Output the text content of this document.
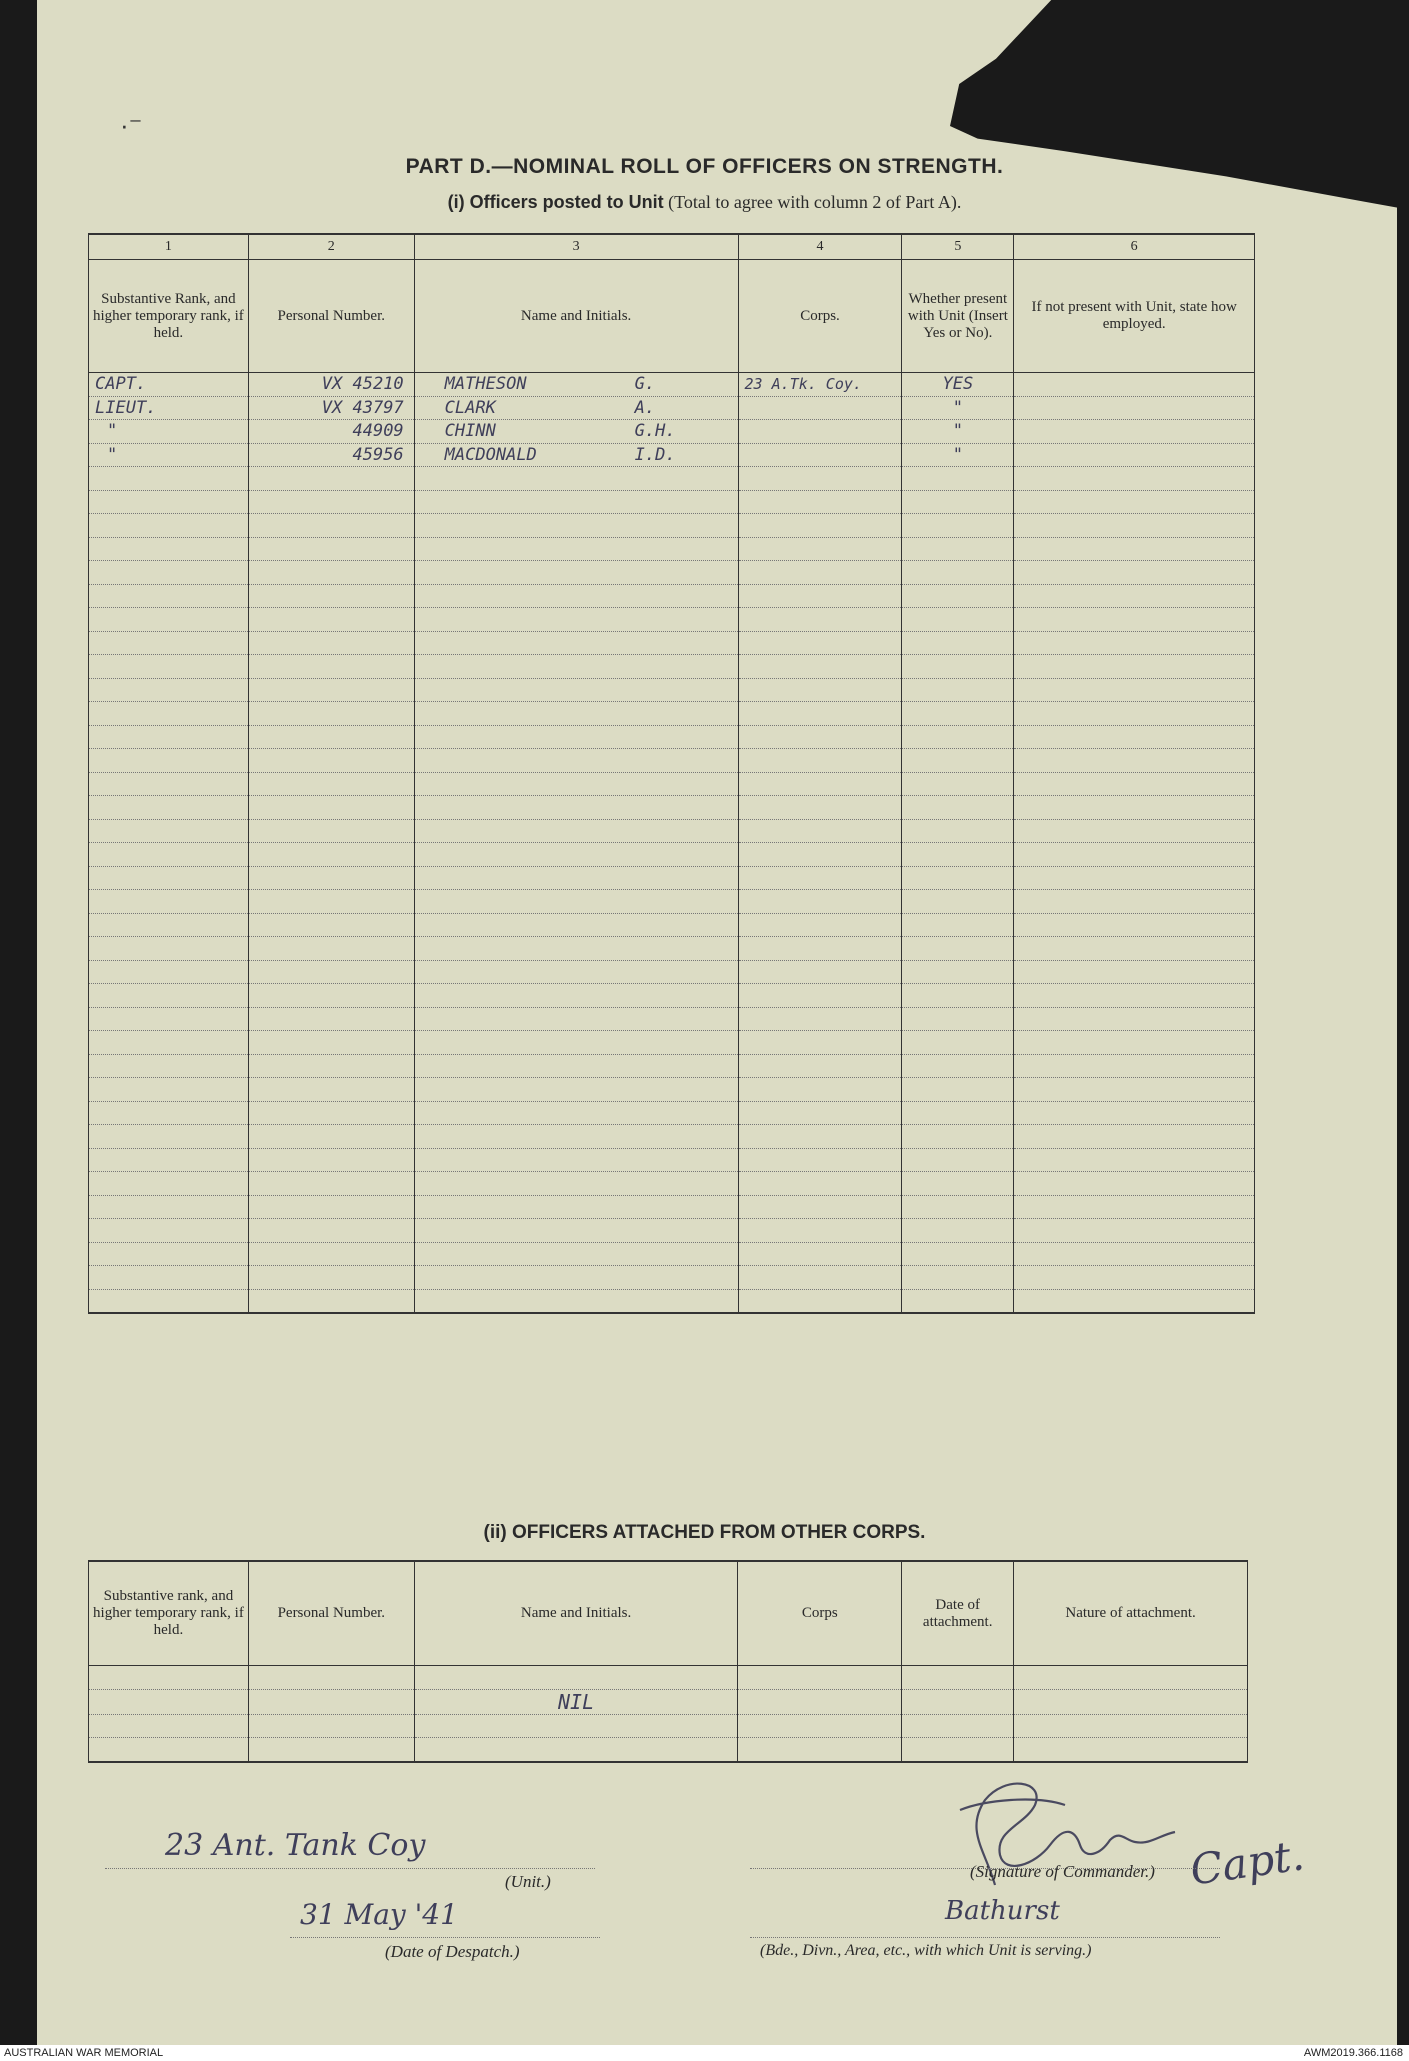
·⁻
PART D.—NOMINAL ROLL OF OFFICERS ON STRENGTH.
(i) Officers posted to Unit (Total to agree with column 2 of Part A).
1	2	3	4	5	6
Substantive Rank, and higher temporary rank, if held.	Personal Number.	Name and Initials.	Corps.	Whether present with Unit (Insert Yes or No).	If not present with Unit, state how employed.
CAPT.	VX 45210	MATHESON G.	23 A.Tk. Coy.	YES	
LIEUT.	VX 43797	CLARK A.		"	
"	44909	CHINN G.H.		"	
"	45956	MACDONALD I.D.		"	

(ii) OFFICERS ATTACHED FROM OTHER CORPS.
Substantive rank, and higher temporary rank, if held.	Personal Number.	Name and Initials.	Corps	Date of attachment.	Nature of attachment.

		NIL			

23 Ant. Tank Coy
(Unit.)
31 May '41
(Date of Despatch.)
Capt.
(Signature of Commander.)
Bathurst
(Bde., Divn., Area, etc., with which Unit is serving.)
AUSTRALIAN WAR MEMORIAL	AWM2019.366.1168
